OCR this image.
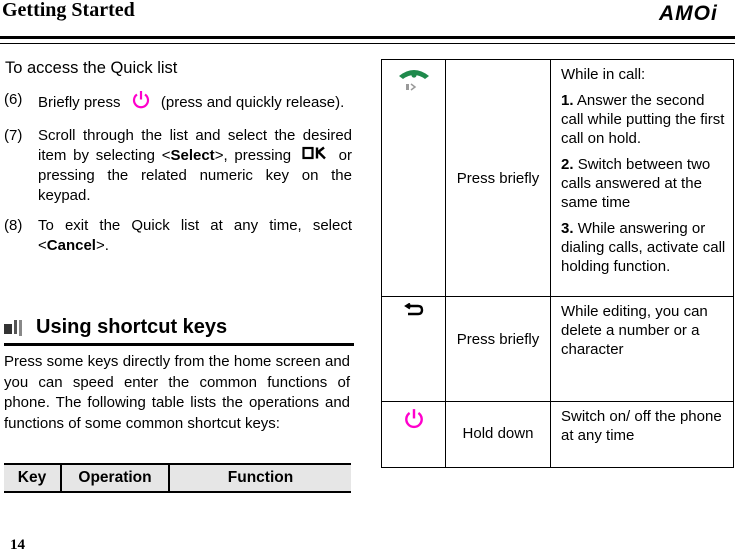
Getting Started	AMOi
To access the Quick list
(6)	Briefly press	(press and quickly release).
(7)	Scroll through the list and select the desired item by selecting <Select>, pressing	or pressing the related numeric key on the keypad.
(8)	To exit the Quick list at any time, select <Cancel>.
Using shortcut keys
Press some keys directly from the home screen and you can speed enter the common functions of phone. The following table lists the operations and functions of some common shortcut keys:
Key	Operation	Function
	Press briefly	While in call:

1. Answer the second call while putting the first call on hold.

2. Switch between two calls answered at the same time

3. While answering or dialing calls, activate call holding function.

	Press briefly	While editing, you can delete a number or a character
	Hold down	Switch on/ off the phone at any time
14
